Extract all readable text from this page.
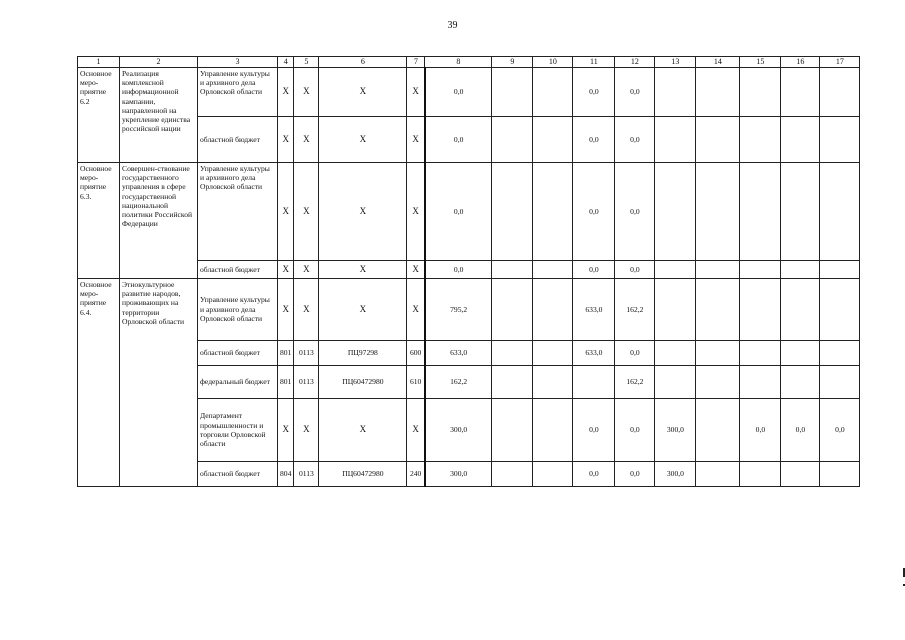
39
1	2	3	4	5	6	7	8	9	10	11	12	13	14	15	16	17
Основное меро-приятие 6.2	Реализация комплексной информационной кампании, направленной на укрепление единства российской нации	Управление культуры и архивного дела Орловской области	Х	Х	Х	Х	0,0			0,0	0,0					
		областной бюджет	Х	Х	Х	Х	0,0			0,0	0,0					
Основное меро-приятие 6.3.	Совершен-ствование государственного управления в сфере государственной национальной политики Российской Федерации	Управление культуры и архивного дела Орловской области	Х	Х	Х	Х	0,0			0,0	0,0					
		областной бюджет	Х	Х	Х	Х	0,0			0,0	0,0					
Основное меро-приятие 6.4.	Этнокультурное развитие народов, проживающих на территории Орловской области	Управление культуры и архивного дела Орловской области	Х	Х	Х	Х	795,2			633,0	162,2					
		областной бюджет	801	0113	ПЦ97298	600	633,0			633,0	0,0					
		федеральный бюджет	801	0113	ПЦ60472980	610	162,2				162,2					
		Департамент промышленности и торговли Орловской области	Х	Х	Х	Х	300,0			0,0	0,0	300,0		0,0	0,0	0,0
		областной бюджет	804	0113	ПЦ60472980	240	300,0			0,0	0,0	300,0				
